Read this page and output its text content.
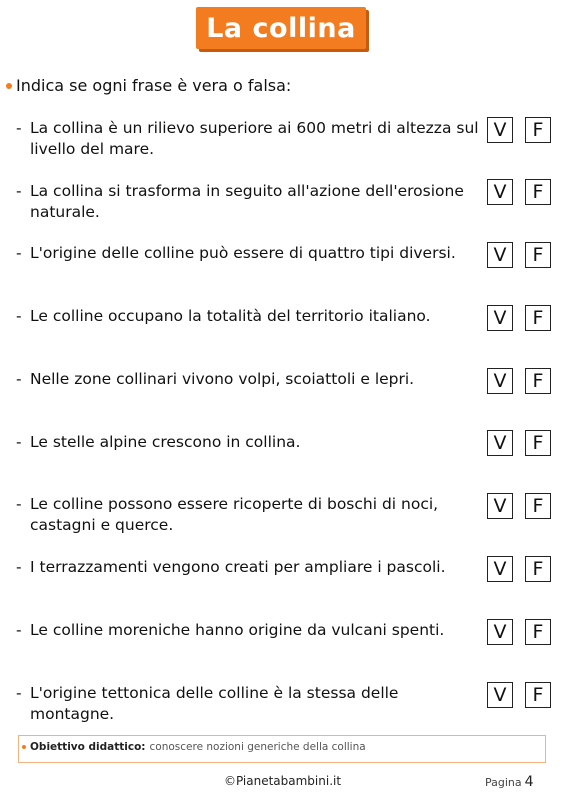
La collina
Indica se ogni frase è vera o falsa:
- La collina è un rilievo superiore ai 600 metri di altezza sul livello del mare.
V	F
- La collina si trasforma in seguito all'azione dell'erosione naturale.
V	F
- L'origine delle colline può essere di quattro tipi diversi.	V	F
- Le colline occupano la totalità del territorio italiano.	V	F
- Nelle zone collinari vivono volpi, scoiattoli e lepri.	V	F
- Le stelle alpine crescono in collina.	V	F
- Le colline possono essere ricoperte di boschi di noci, castagni e querce.
V	F
- I terrazzamenti vengono creati per ampliare i pascoli.	V	F
- Le colline moreniche hanno origine da vulcani spenti.	V	F
- L'origine tettonica delle colline è la stessa delle montagne.
V	F
Obiettivo didattico: conoscere nozioni generiche della collina
©Pianetabambini.it	Pagina 4
